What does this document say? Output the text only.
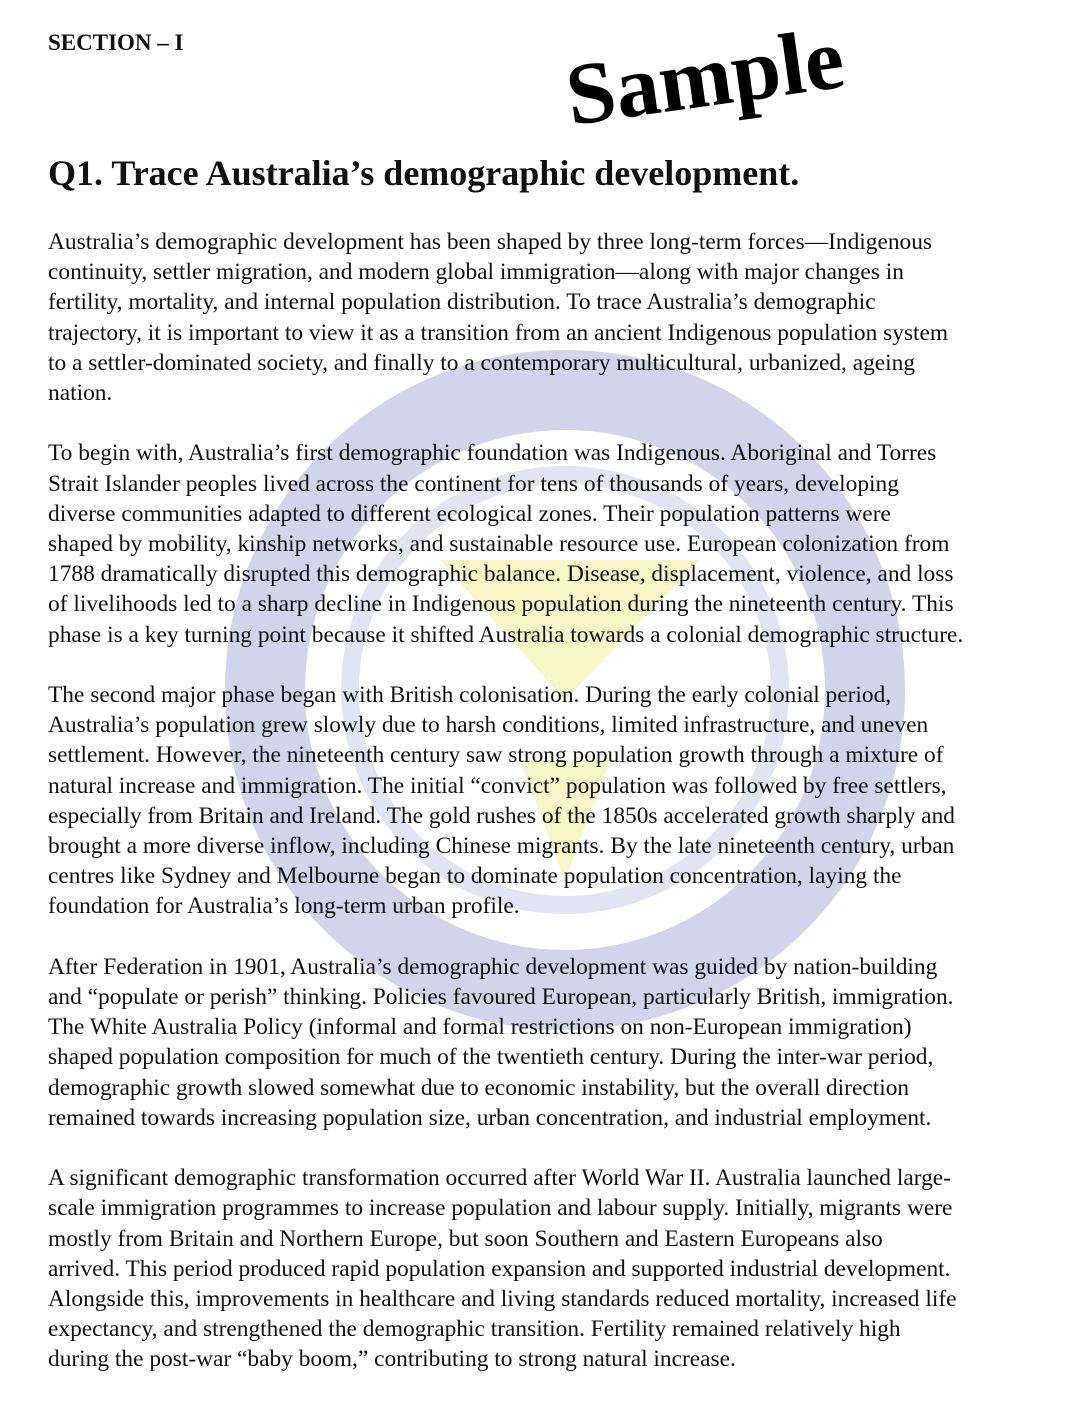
SECTION – I
Q1. Trace Australia’s demographic development.
Australia’s demographic development has been shaped by three long-term forces—Indigenous
continuity, settler migration, and modern global immigration—along with major changes in
fertility, mortality, and internal population distribution. To trace Australia’s demographic
trajectory, it is important to view it as a transition from an ancient Indigenous population system
to a settler-dominated society, and finally to a contemporary multicultural, urbanized, ageing
nation.
To begin with, Australia’s first demographic foundation was Indigenous. Aboriginal and Torres
Strait Islander peoples lived across the continent for tens of thousands of years, developing
diverse communities adapted to different ecological zones. Their population patterns were
shaped by mobility, kinship networks, and sustainable resource use. European colonization from
1788 dramatically disrupted this demographic balance. Disease, displacement, violence, and loss
of livelihoods led to a sharp decline in Indigenous population during the nineteenth century. This
phase is a key turning point because it shifted Australia towards a colonial demographic structure.
The second major phase began with British colonisation. During the early colonial period,
Australia’s population grew slowly due to harsh conditions, limited infrastructure, and uneven
settlement. However, the nineteenth century saw strong population growth through a mixture of
natural increase and immigration. The initial “convict” population was followed by free settlers,
especially from Britain and Ireland. The gold rushes of the 1850s accelerated growth sharply and
brought a more diverse inflow, including Chinese migrants. By the late nineteenth century, urban
centres like Sydney and Melbourne began to dominate population concentration, laying the
foundation for Australia’s long-term urban profile.
After Federation in 1901, Australia’s demographic development was guided by nation-building
and “populate or perish” thinking. Policies favoured European, particularly British, immigration.
The White Australia Policy (informal and formal restrictions on non-European immigration)
shaped population composition for much of the twentieth century. During the inter-war period,
demographic growth slowed somewhat due to economic instability, but the overall direction
remained towards increasing population size, urban concentration, and industrial employment.
A significant demographic transformation occurred after World War II. Australia launched large-
scale immigration programmes to increase population and labour supply. Initially, migrants were
mostly from Britain and Northern Europe, but soon Southern and Eastern Europeans also
arrived. This period produced rapid population expansion and supported industrial development.
Alongside this, improvements in healthcare and living standards reduced mortality, increased life
expectancy, and strengthened the demographic transition. Fertility remained relatively high
during the post-war “baby boom,” contributing to strong natural increase.
Sample
